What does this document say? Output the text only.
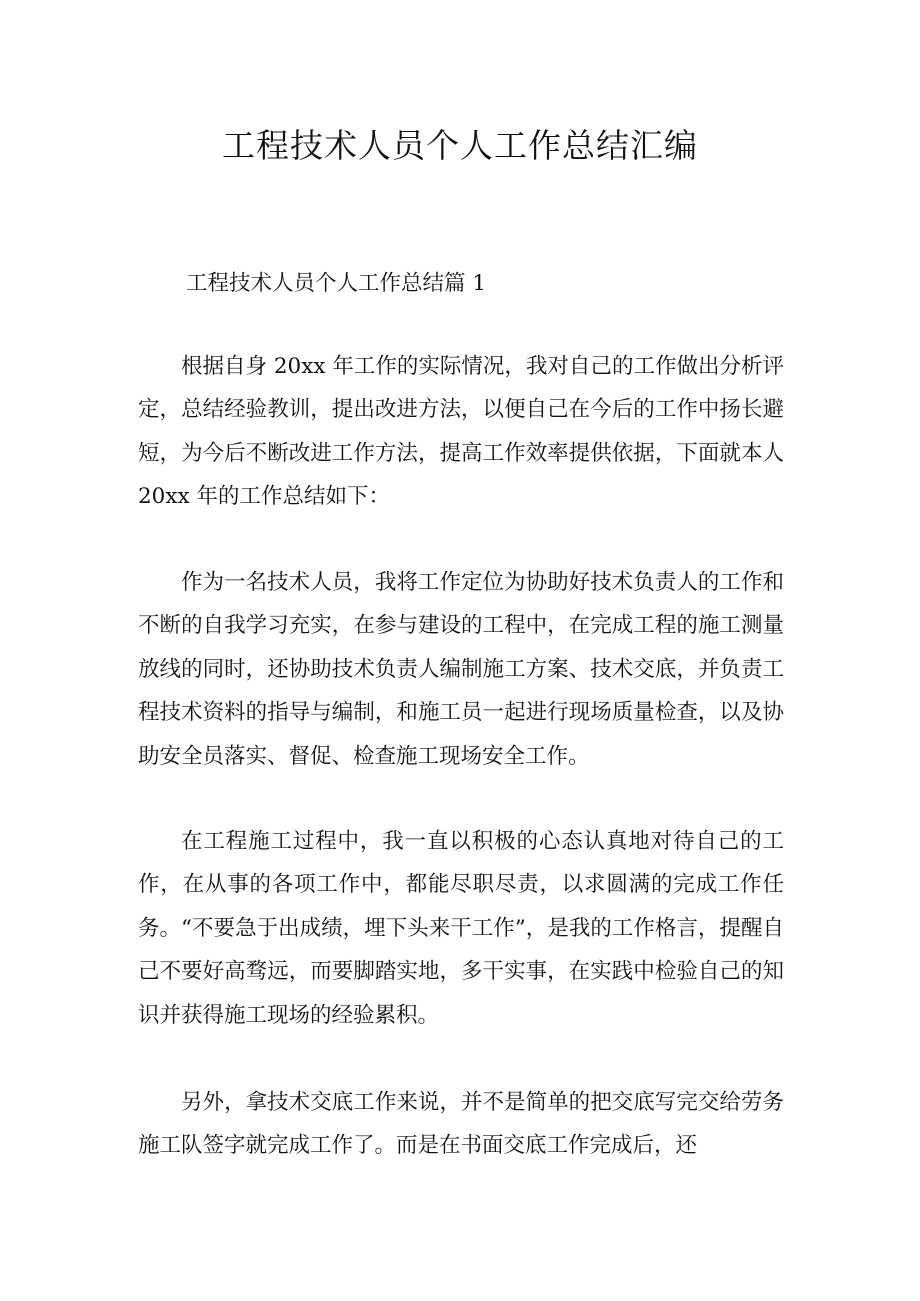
工程技术人员个人工作总结汇编
工程技术人员个人工作总结篇 1

根据自身 20xx 年工作的实际情况，我对自己的工作做出分析评定，总结经验教训，提出改进方法，以便自己在今后的工作中扬长避短，为今后不断改进工作方法，提高工作效率提供依据，下面就本人 20xx 年的工作总结如下：

作为一名技术人员，我将工作定位为协助好技术负责人的工作和不断的自我学习充实，在参与建设的工程中，在完成工程的施工测量放线的同时，还协助技术负责人编制施工方案、技术交底，并负责工程技术资料的指导与编制，和施工员一起进行现场质量检查，以及协助安全员落实、督促、检查施工现场安全工作。

在工程施工过程中，我一直以积极的心态认真地对待自己的工作，在从事的各项工作中，都能尽职尽责，以求圆满的完成工作任务。“不要急于出成绩，埋下头来干工作”，是我的工作格言，提醒自己不要好高骛远，而要脚踏实地，多干实事，在实践中检验自己的知识并获得施工现场的经验累积。

另外，拿技术交底工作来说，并不是简单的把交底写完交给劳务施工队签字就完成工作了。而是在书面交底工作完成后，还
